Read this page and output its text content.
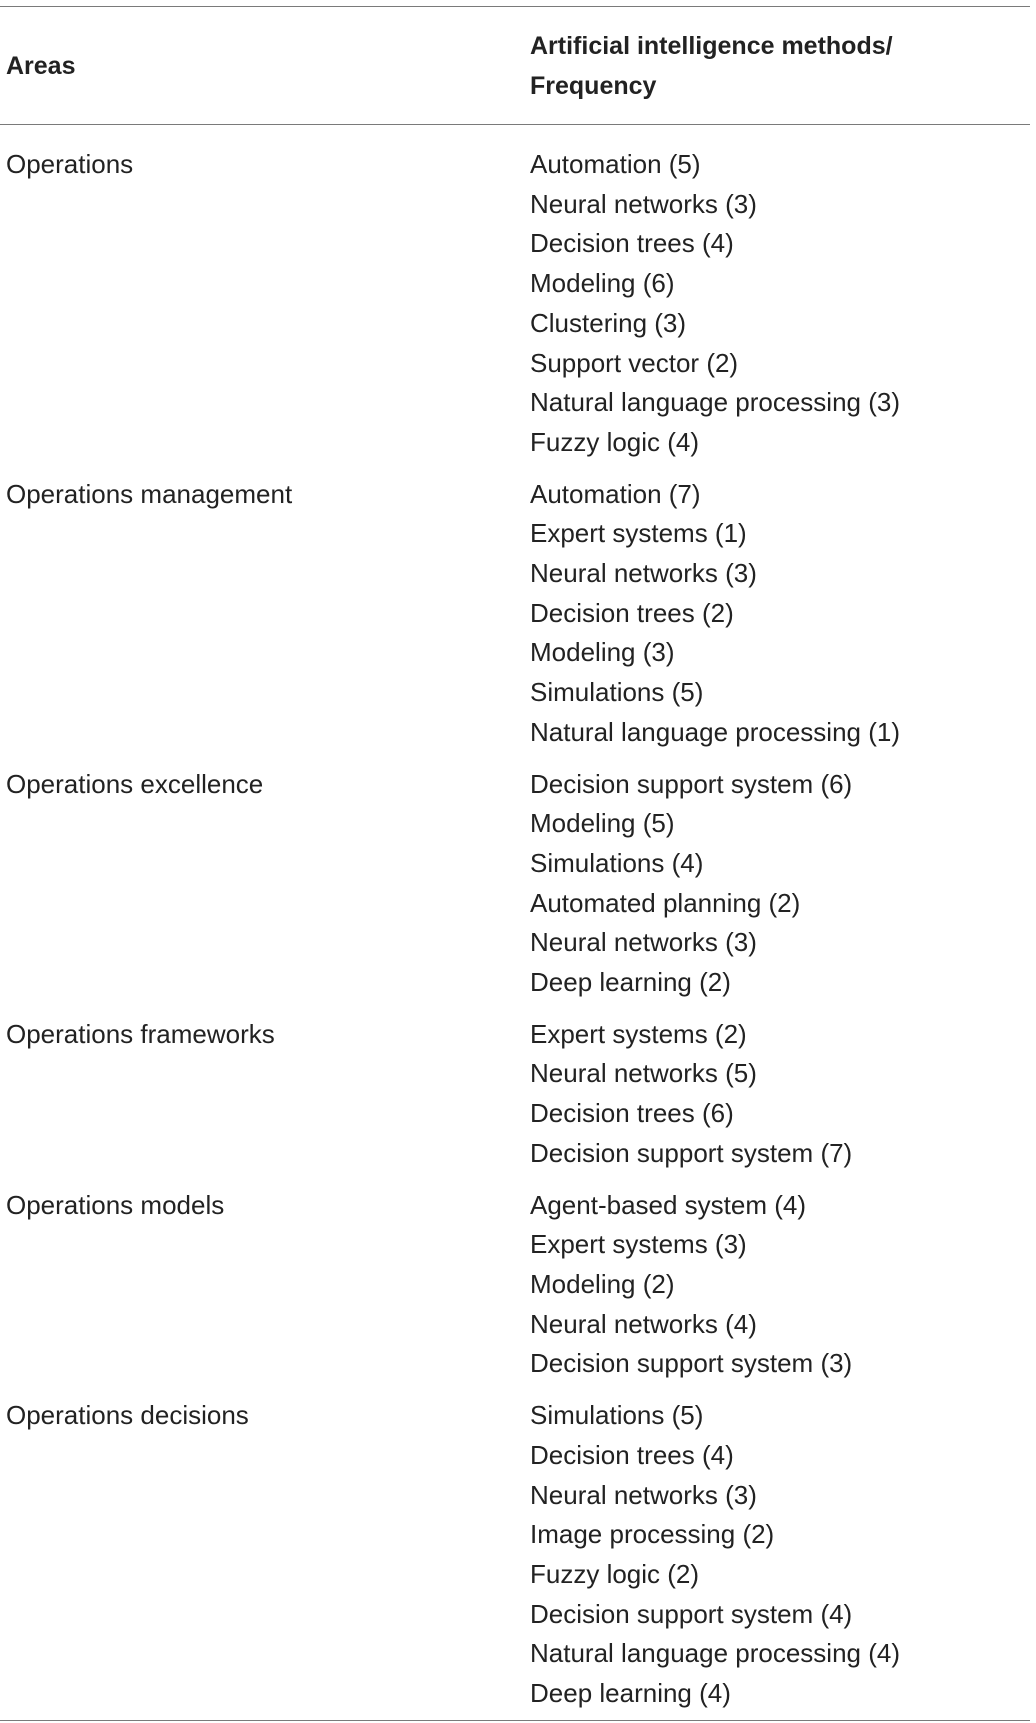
Areas
Artificial intelligence methods/
Frequency
Operations	Automation (5)
Neural networks (3)
Decision trees (4)
Modeling (6)
Clustering (3)
Support vector (2)
Natural language processing (3)
Fuzzy logic (4)
Operations management	Automation (7)
Expert systems (1)
Neural networks (3)
Decision trees (2)
Modeling (3)
Simulations (5)
Natural language processing (1)
Operations excellence	Decision support system (6)
Modeling (5)
Simulations (4)
Automated planning (2)
Neural networks (3)
Deep learning (2)
Operations frameworks	Expert systems (2)
Neural networks (5)
Decision trees (6)
Decision support system (7)
Operations models	Agent-based system (4)
Expert systems (3)
Modeling (2)
Neural networks (4)
Decision support system (3)
Operations decisions	Simulations (5)
Decision trees (4)
Neural networks (3)
Image processing (2)
Fuzzy logic (2)
Decision support system (4)
Natural language processing (4)
Deep learning (4)
